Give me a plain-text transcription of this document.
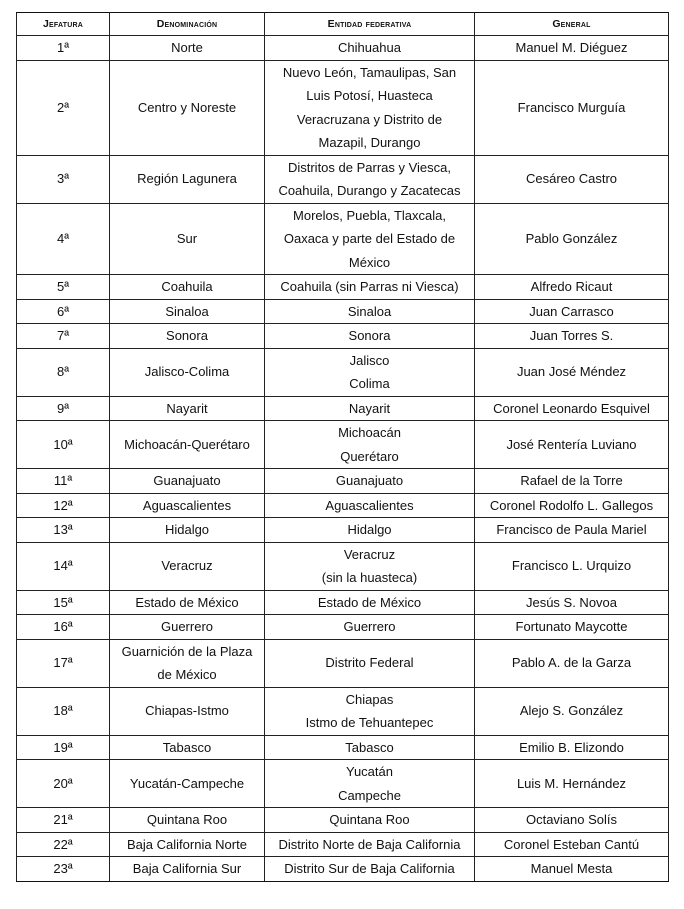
Jefatura	Denominación	Entidad federativa	General
1ª	Norte	Chihuahua	Manuel M. Diéguez
2ª	Centro y Noreste	Nuevo León, Tamaulipas, San
Luis Potosí, Huasteca
Veracruzana y Distrito de
Mazapil, Durango	Francisco Murguía
3ª	Región Lagunera	Distritos de Parras y Viesca,
Coahuila, Durango y Zacatecas	Cesáreo Castro
4ª	Sur	Morelos, Puebla, Tlaxcala,
Oaxaca y parte del Estado de
México	Pablo González
5ª	Coahuila	Coahuila (sin Parras ni Viesca)	Alfredo Ricaut
6ª	Sinaloa	Sinaloa	Juan Carrasco
7ª	Sonora	Sonora	Juan Torres S.
8ª	Jalisco-Colima	Jalisco
Colima	Juan José Méndez
9ª	Nayarit	Nayarit	Coronel Leonardo Esquivel
10ª	Michoacán-Querétaro	Michoacán
Querétaro	José Rentería Luviano
11ª	Guanajuato	Guanajuato	Rafael de la Torre
12ª	Aguascalientes	Aguascalientes	Coronel Rodolfo L. Gallegos
13ª	Hidalgo	Hidalgo	Francisco de Paula Mariel
14ª	Veracruz	Veracruz
(sin la huasteca)	Francisco L. Urquizo
15ª	Estado de México	Estado de México	Jesús S. Novoa
16ª	Guerrero	Guerrero	Fortunato Maycotte
17ª	Guarnición de la Plaza
de México	Distrito Federal	Pablo A. de la Garza
18ª	Chiapas-Istmo	Chiapas
Istmo de Tehuantepec	Alejo S. González
19ª	Tabasco	Tabasco	Emilio B. Elizondo
20ª	Yucatán-Campeche	Yucatán
Campeche	Luis M. Hernández
21ª	Quintana Roo	Quintana Roo	Octaviano Solís
22ª	Baja California Norte	Distrito Norte de Baja California	Coronel Esteban Cantú
23ª	Baja California Sur	Distrito Sur de Baja California	Manuel Mesta
